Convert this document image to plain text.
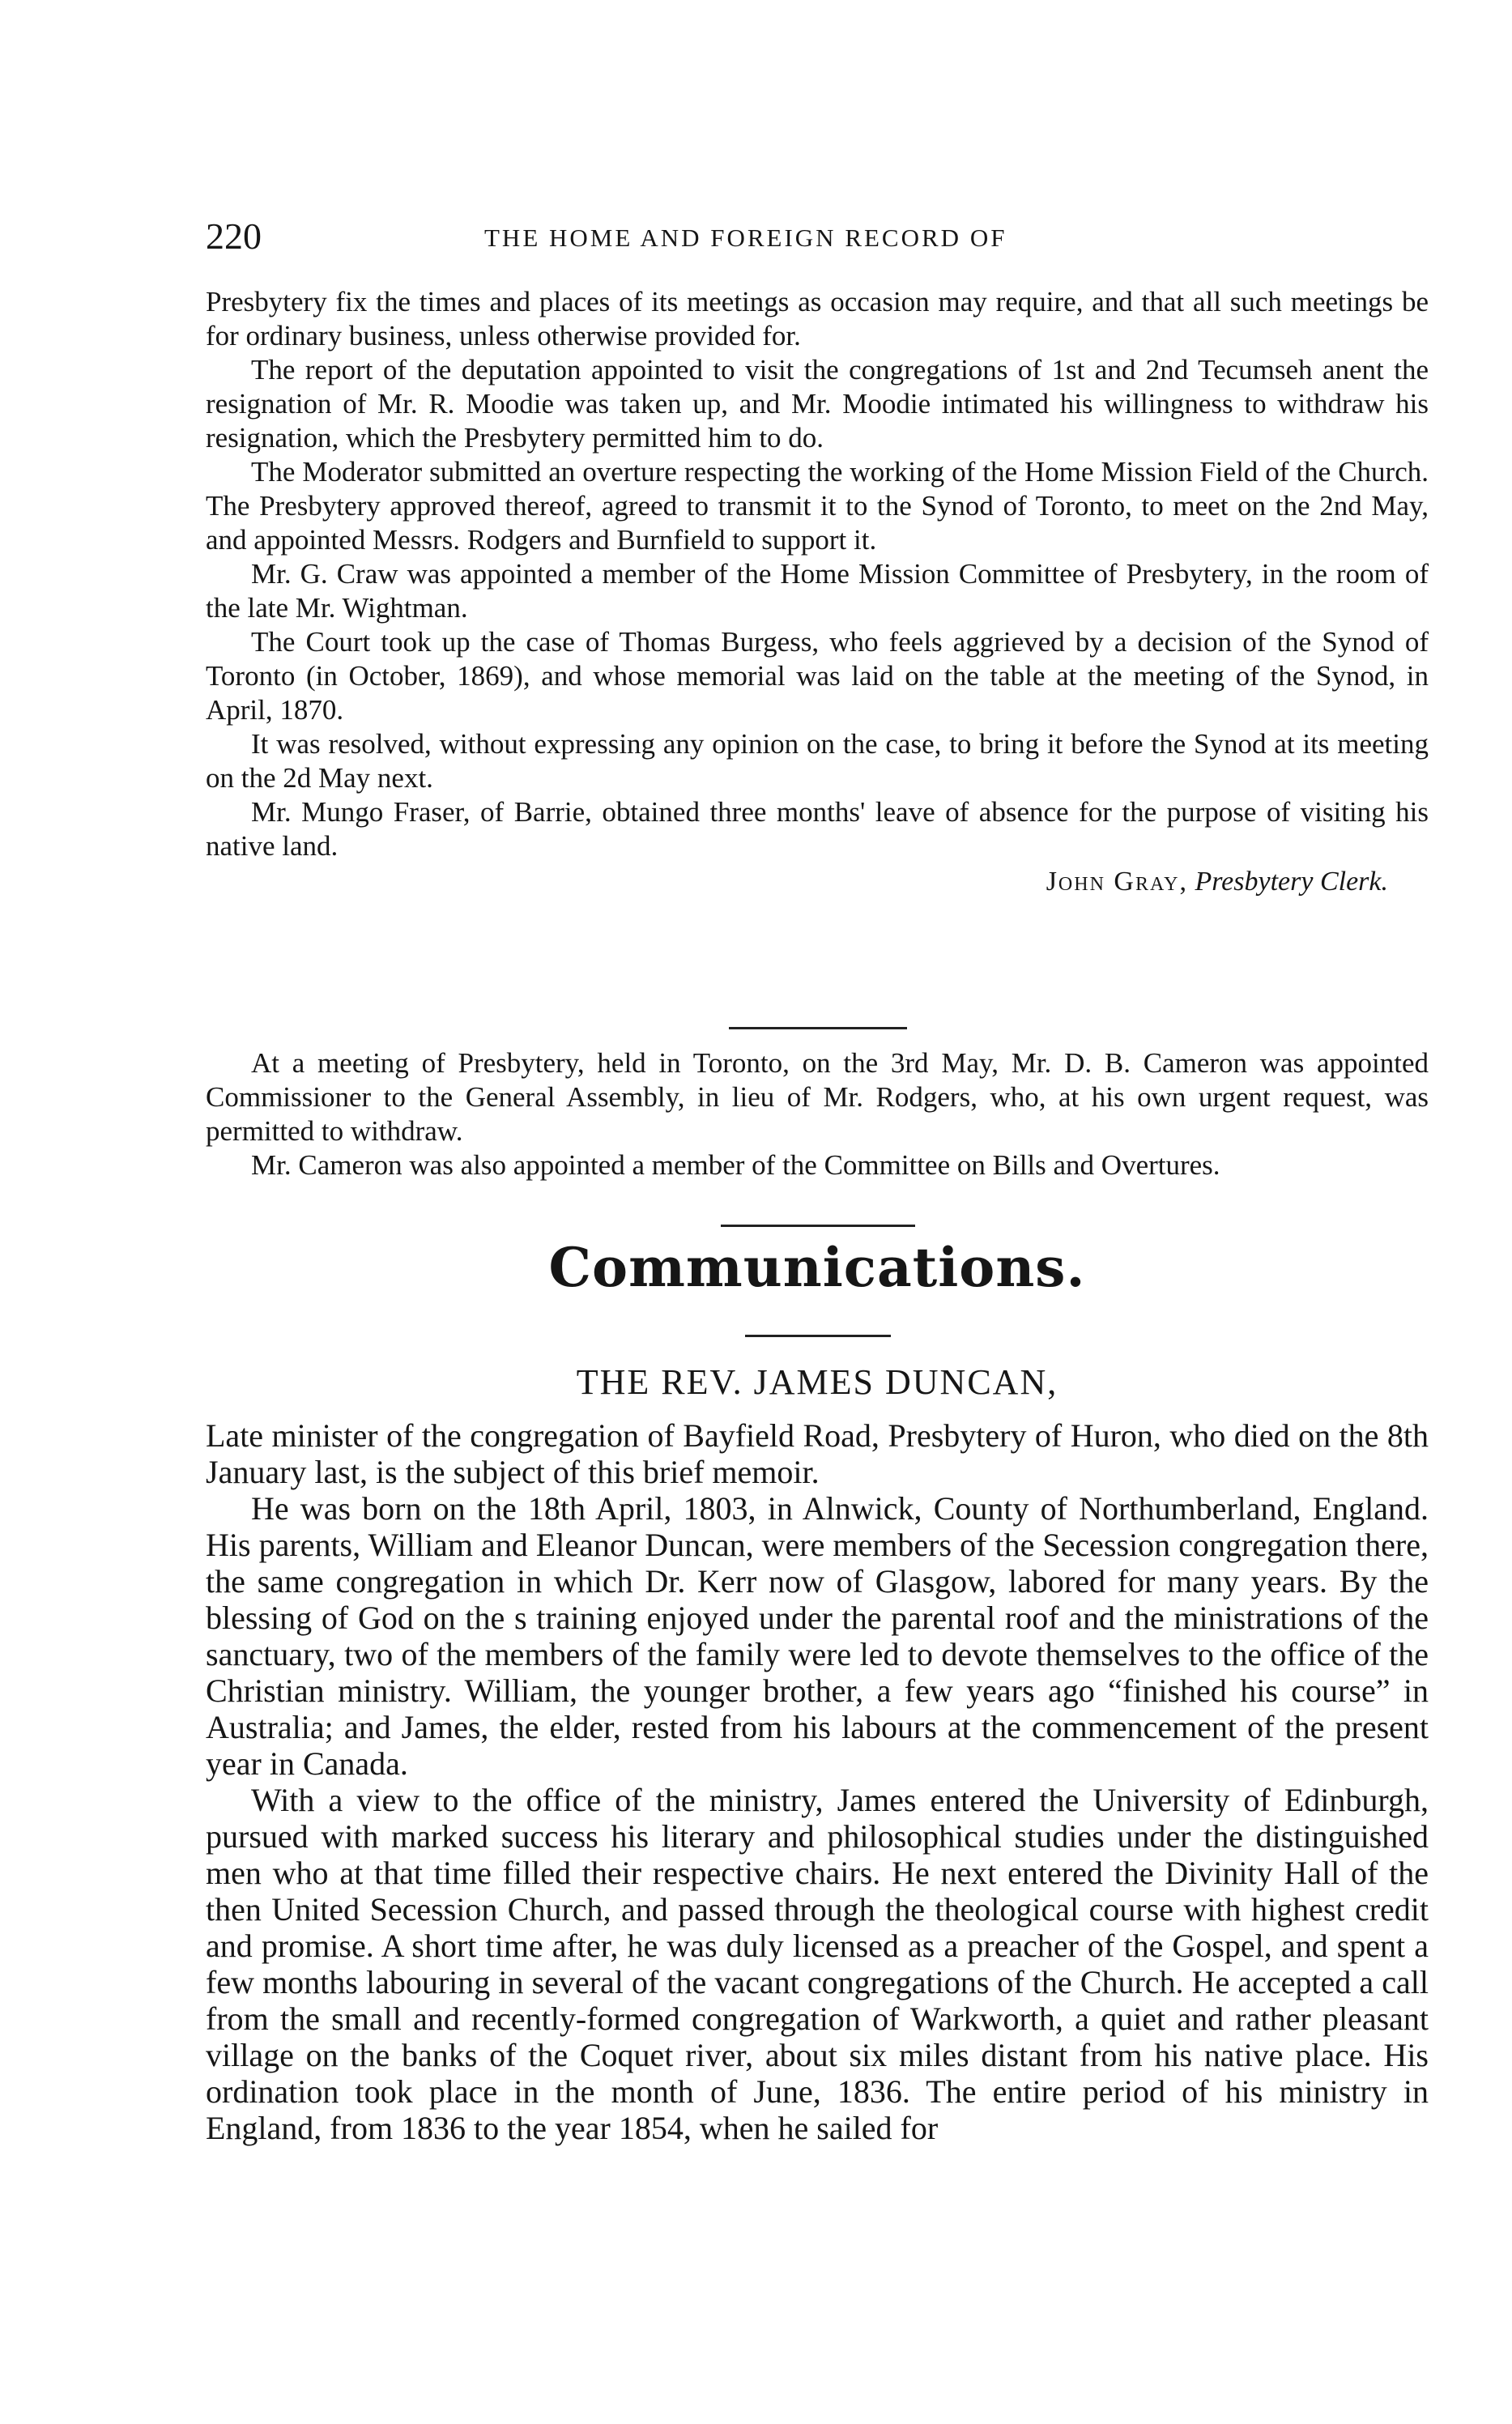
220	THE HOME AND FOREIGN RECORD OF

Presbytery fix the times and places of its meetings as occasion may require, and that all such meetings be for ordinary business, unless otherwise provided for.

The report of the deputation appointed to visit the congregations of 1st and 2nd Tecumseh anent the resignation of Mr. R. Moodie was taken up, and Mr. Moodie intimated his willingness to withdraw his resignation, which the Presbytery permitted him to do.

The Moderator submitted an overture respecting the working of the Home Mission Field of the Church. The Presbytery approved thereof, agreed to transmit it to the Synod of Toronto, to meet on the 2nd May, and appointed Messrs. Rodgers and Burnfield to support it.

Mr. G. Craw was appointed a member of the Home Mission Committee of Presbytery, in the room of the late Mr. Wightman.

The Court took up the case of Thomas Burgess, who feels aggrieved by a decision of the Synod of Toronto (in October, 1869), and whose memorial was laid on the table at the meeting of the Synod, in April, 1870.

It was resolved, without expressing any opinion on the case, to bring it before the Synod at its meeting on the 2d May next.

Mr. Mungo Fraser, of Barrie, obtained three months' leave of absence for the purpose of visiting his native land.

John Gray, Presbytery Clerk.

At a meeting of Presbytery, held in Toronto, on the 3rd May, Mr. D. B. Cameron was appointed Commissioner to the General Assembly, in lieu of Mr. Rodgers, who, at his own urgent request, was permitted to withdraw.

Mr. Cameron was also appointed a member of the Committee on Bills and Overtures.

Communications.
THE REV. JAMES DUNCAN,

Late minister of the congregation of Bayfield Road, Presbytery of Huron, who died on the 8th January last, is the subject of this brief memoir.

He was born on the 18th April, 1803, in Alnwick, County of Northumberland, England. His parents, William and Eleanor Duncan, were members of the Secession congregation there, the same congregation in which Dr. Kerr now of Glasgow, labored for many years. By the blessing of God on the s training enjoyed under the parental roof and the ministrations of the sanctuary, two of the members of the family were led to devote themselves to the office of the Christian ministry. William, the younger brother, a few years ago “finished his course” in Australia; and James, the elder, rested from his labours at the commencement of the present year in Canada.

With a view to the office of the ministry, James entered the University of Edinburgh, pursued with marked success his literary and philosophical studies under the distinguished men who at that time filled their respective chairs. He next entered the Divinity Hall of the then United Secession Church, and passed through the theological course with highest credit and promise. A short time after, he was duly licensed as a preacher of the Gospel, and spent a few months labouring in several of the vacant congregations of the Church. He accepted a call from the small and recently-formed congregation of Warkworth, a quiet and rather pleasant village on the banks of the Coquet river, about six miles distant from his native place. His ordination took place in the month of June, 1836. The entire period of his ministry in England, from 1836 to the year 1854, when he sailed for
